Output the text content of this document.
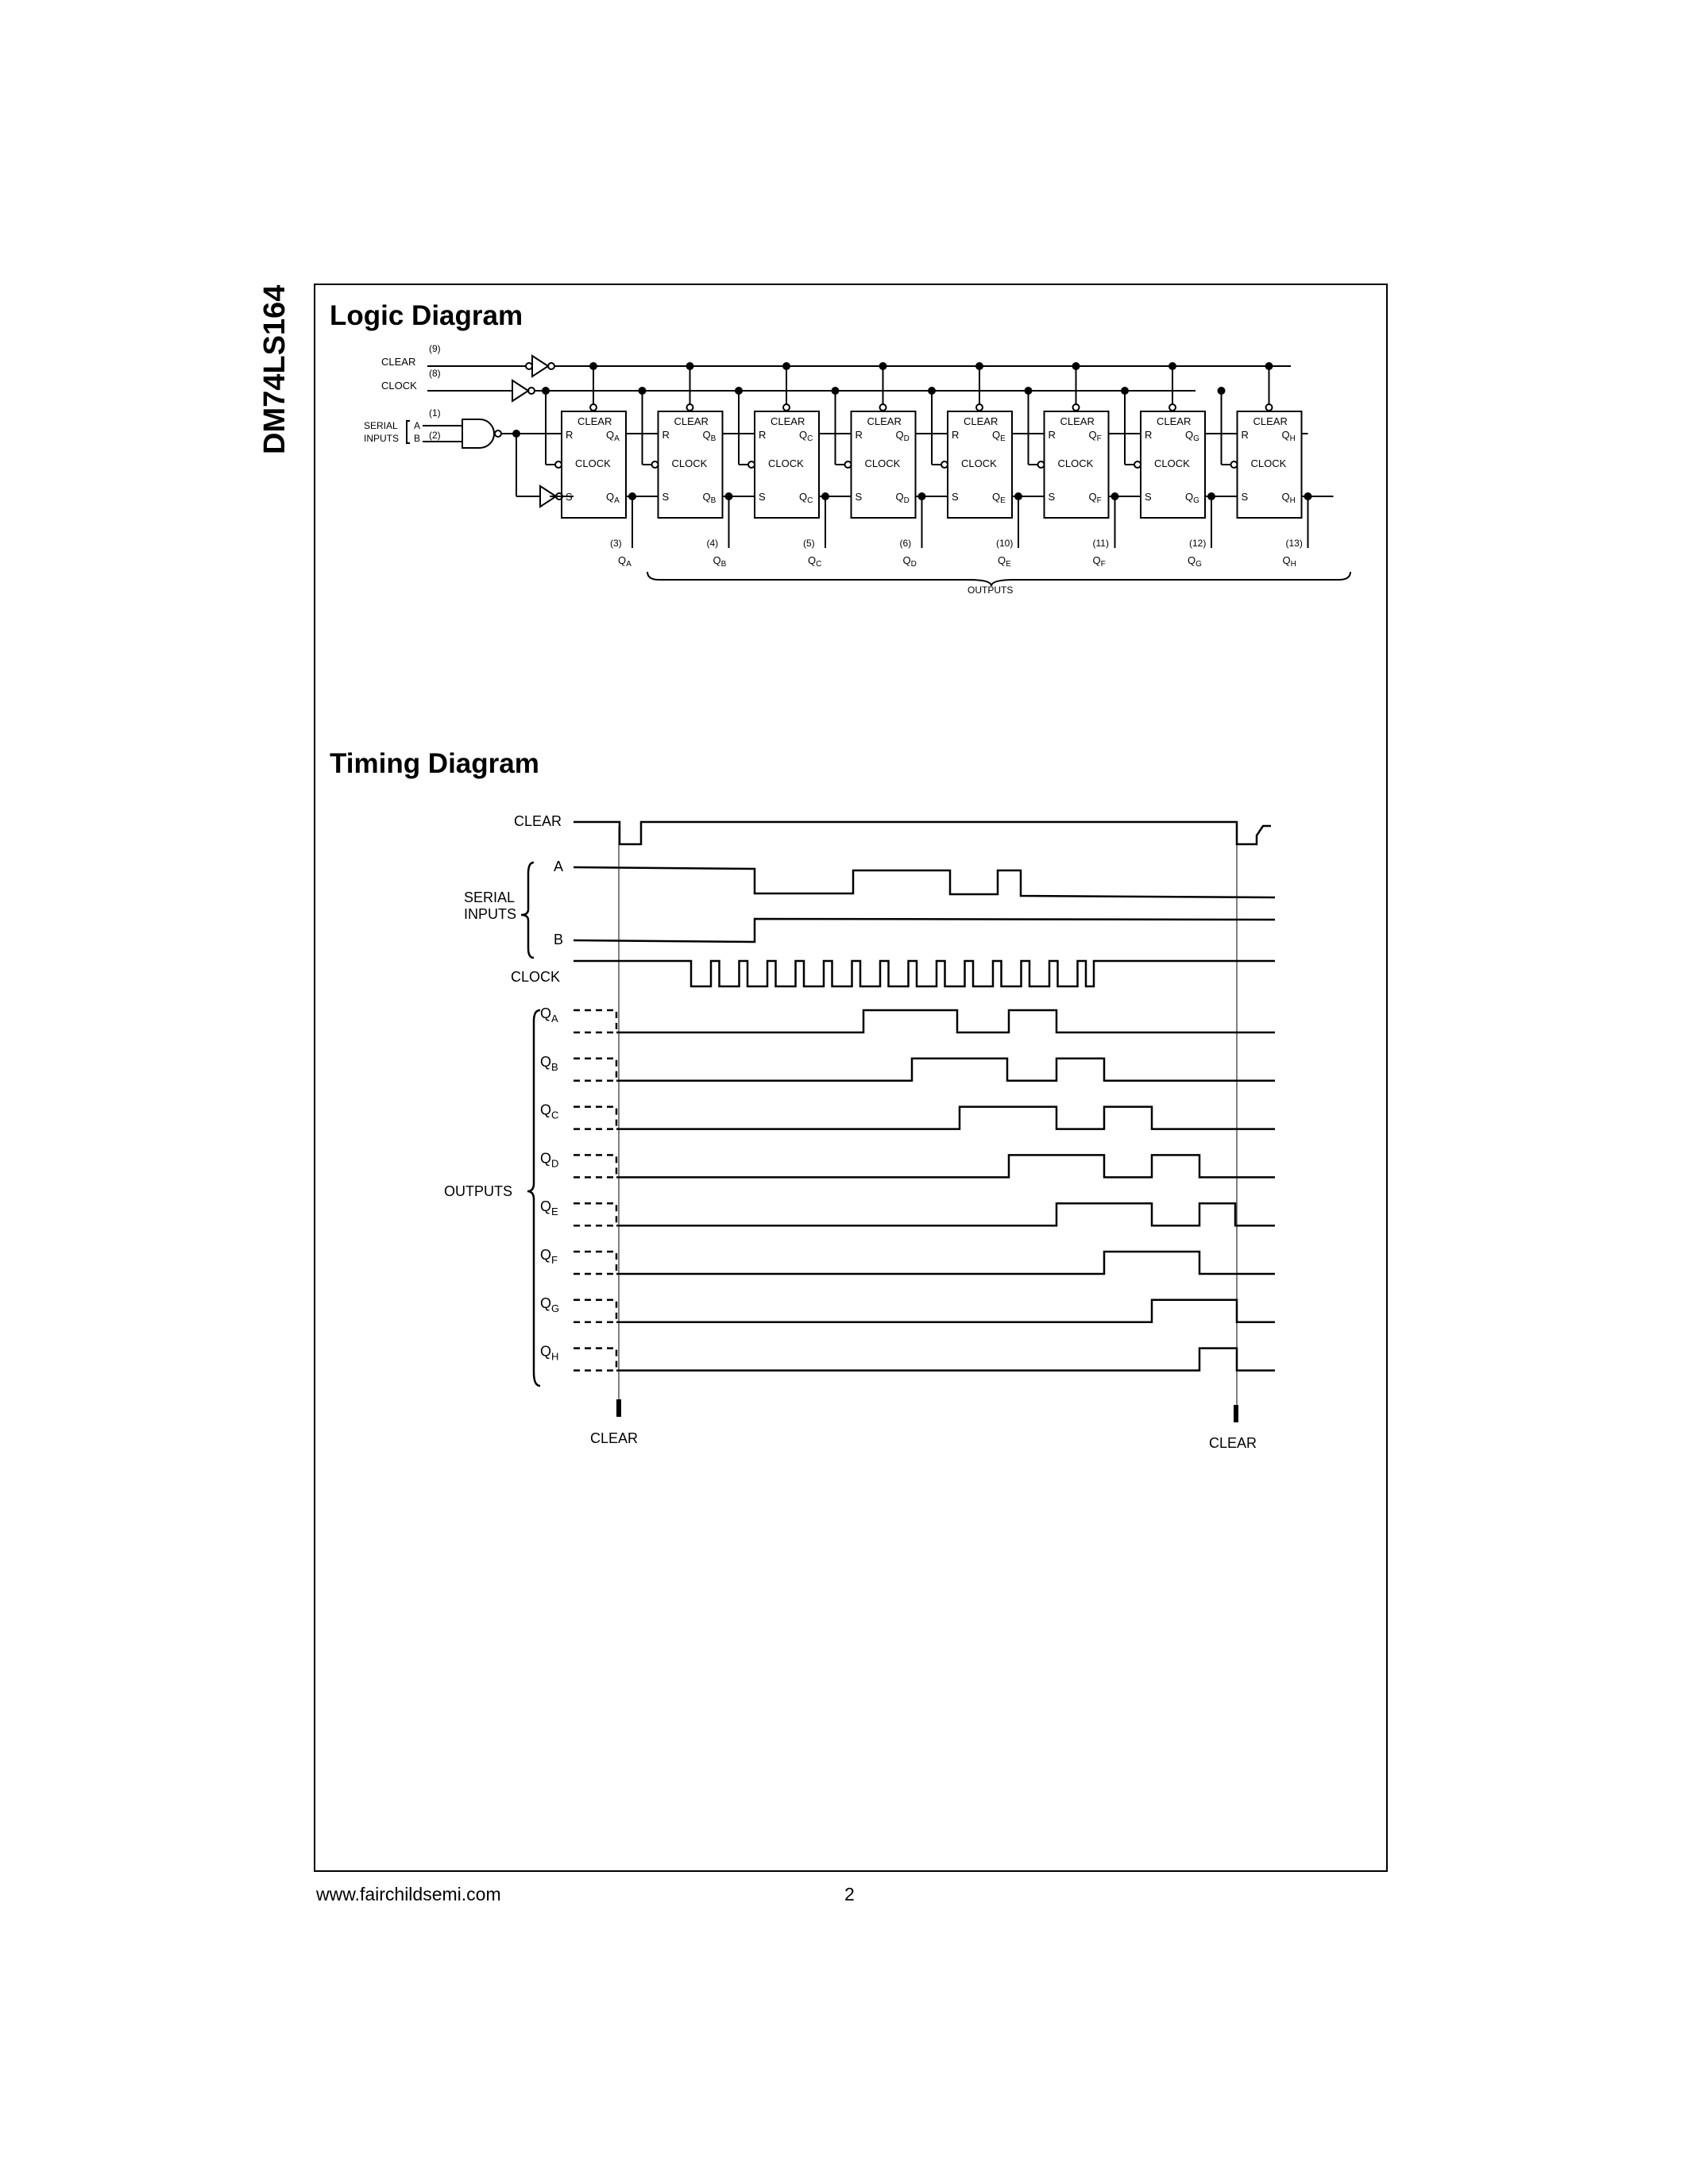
DM74LS164 Logic Diagram
Timing Diagram
CLEAR
(9)
CLOCK
(8)
SERIAL
INPUTS
A
B
(1)
(2)
CLEAR
R
S
CLOCK
$Q_A$
$Q_A$
(3)
$Q_A$
CLEAR
R
S
CLOCK
$Q_B$
$Q_B$
(4)
$Q_B$
CLEAR
R
S
CLOCK
$Q_C$
$Q_C$
(5)
$Q_C$
CLEAR
R
S
CLOCK
$Q_D$
$Q_D$
(6)
$Q_D$
CLEAR
R
S
CLOCK
$Q_E$
$Q_E$
(10)
$Q_E$
CLEAR
R
S
CLOCK
$Q_F$
$Q_F$
(11)
$Q_F$
CLEAR
R
S
CLOCK
$Q_G$
$Q_G$
(12)
$Q_G$
CLEAR
R
S
CLOCK
$Q_H$
$Q_H$
(13)
$Q_H$
OUTPUTS
CLEAR
SERIAL
INPUTS
A
B
CLOCK
OUTPUTS
$Q_A$
$Q_B$
$Q_C$
$Q_D$
$Q_E$
$Q_F$
$Q_G$
$Q_H$
CLEAR	CLEAR
www.fairchildsemi.com	2
